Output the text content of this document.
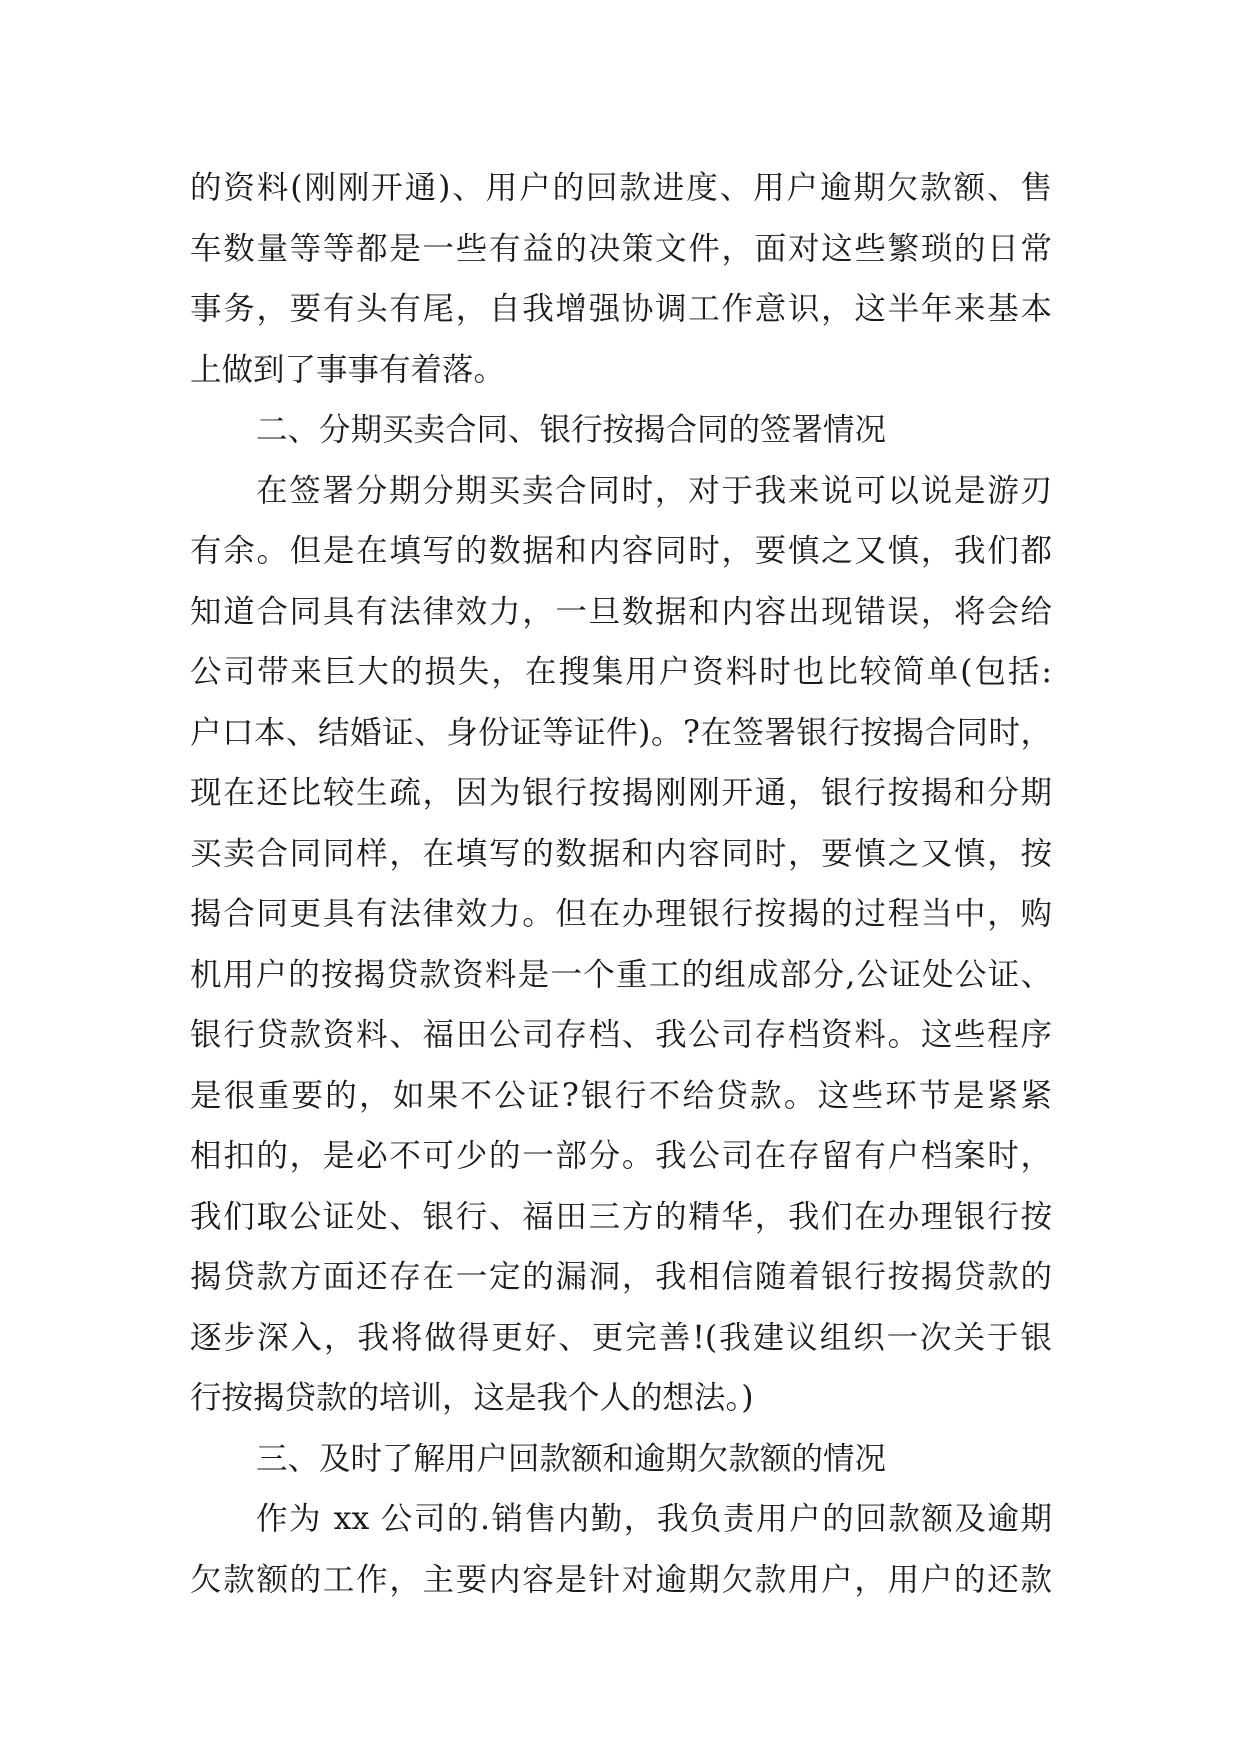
的资料(刚刚开通)、用户的回款进度、用户逾期欠款额、售
车数量等等都是一些有益的决策文件，面对这些繁琐的日常
事务，要有头有尾，自我增强协调工作意识，这半年来基本
上做到了事事有着落。
二、分期买卖合同、银行按揭合同的签署情况
在签署分期分期买卖合同时，对于我来说可以说是游刃
有余。但是在填写的数据和内容同时，要慎之又慎，我们都
知道合同具有法律效力，一旦数据和内容出现错误，将会给
公司带来巨大的损失，在搜集用户资料时也比较简单(包括:
户口本、结婚证、身份证等证件)。?在签署银行按揭合同时，
现在还比较生疏，因为银行按揭刚刚开通，银行按揭和分期
买卖合同同样，在填写的数据和内容同时，要慎之又慎，按
揭合同更具有法律效力。但在办理银行按揭的过程当中，购
机用户的按揭贷款资料是一个重工的组成部分,公证处公证、
银行贷款资料、福田公司存档、我公司存档资料。这些程序
是很重要的，如果不公证?银行不给贷款。这些环节是紧紧
相扣的，是必不可少的一部分。我公司在存留有户档案时，
我们取公证处、银行、福田三方的精华，我们在办理银行按
揭贷款方面还存在一定的漏洞，我相信随着银行按揭贷款的
逐步深入，我将做得更好、更完善!(我建议组织一次关于银
行按揭贷款的培训，这是我个人的想法。)
三、及时了解用户回款额和逾期欠款额的情况
作为 xx 公司的.销售内勤，我负责用户的回款额及逾期
欠款额的工作，主要内容是针对逾期欠款用户，用户的还款
